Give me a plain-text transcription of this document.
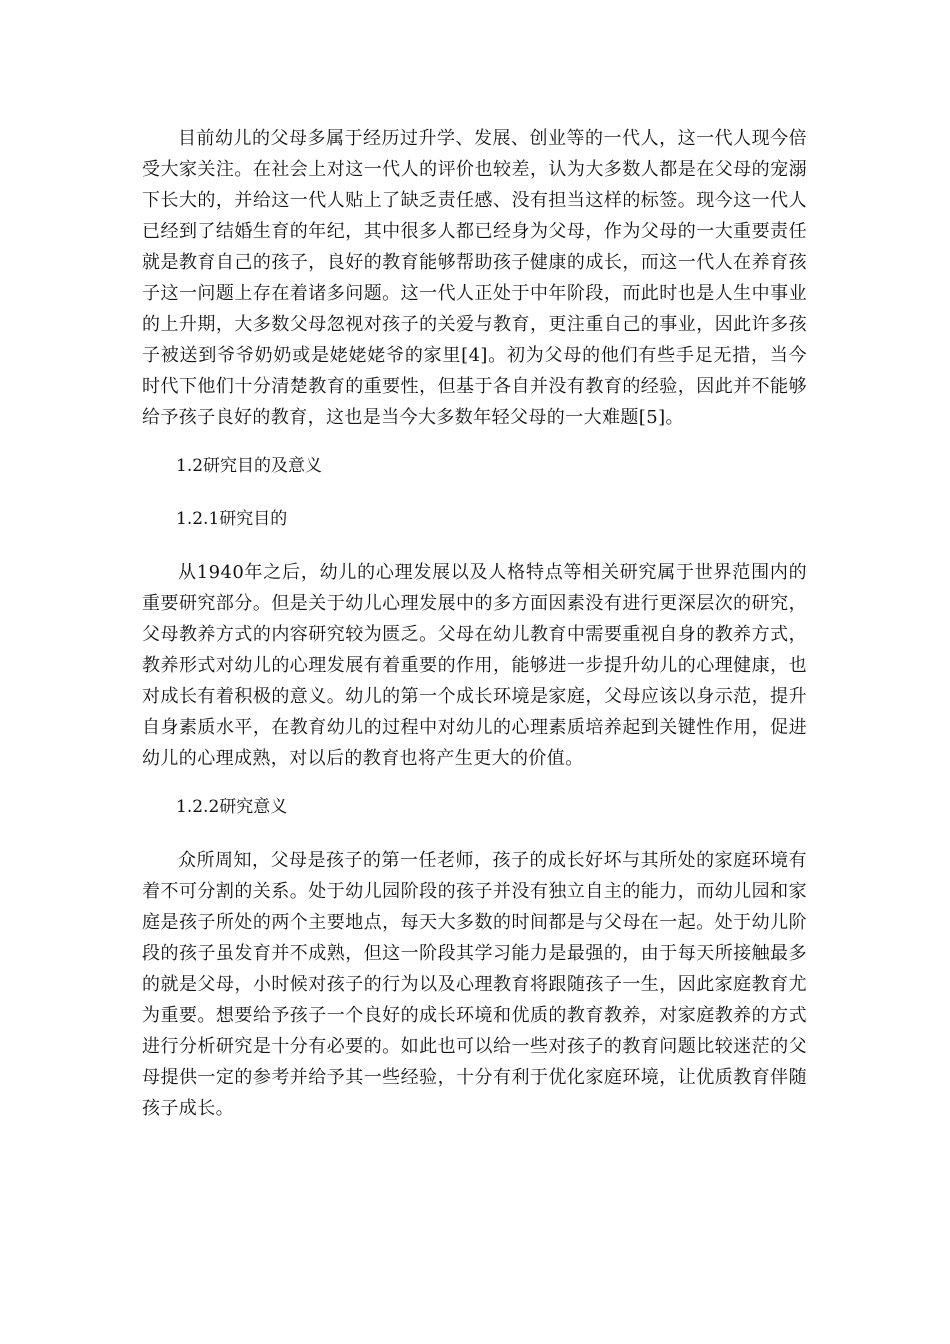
目前幼儿的父母多属于经历过升学、发展、创业等的一代人，这一代人现今倍受大家关注。在社会上对这一代人的评价也较差，认为大多数人都是在父母的宠溺下长大的，并给这一代人贴上了缺乏责任感、没有担当这样的标签。现今这一代人已经到了结婚生育的年纪，其中很多人都已经身为父母，作为父母的一大重要责任就是教育自己的孩子，良好的教育能够帮助孩子健康的成长，而这一代人在养育孩子这一问题上存在着诸多问题。这一代人正处于中年阶段，而此时也是人生中事业的上升期，大多数父母忽视对孩子的关爱与教育，更注重自己的事业，因此许多孩子被送到爷爷奶奶或是姥姥姥爷的家里[4]。初为父母的他们有些手足无措，当今时代下他们十分清楚教育的重要性，但基于各自并没有教育的经验，因此并不能够给予孩子良好的教育，这也是当今大多数年轻父母的一大难题[5]。

1.2研究目的及意义
1.2.1研究目的

从1940年之后，幼儿的心理发展以及人格特点等相关研究属于世界范围内的重要研究部分。但是关于幼儿心理发展中的多方面因素没有进行更深层次的研究，父母教养方式的内容研究较为匮乏。父母在幼儿教育中需要重视自身的教养方式，教养形式对幼儿的心理发展有着重要的作用，能够进一步提升幼儿的心理健康，也对成长有着积极的意义。幼儿的第一个成长环境是家庭，父母应该以身示范，提升自身素质水平，在教育幼儿的过程中对幼儿的心理素质培养起到关键性作用，促进幼儿的心理成熟，对以后的教育也将产生更大的价值。

1.2.2研究意义

众所周知，父母是孩子的第一任老师，孩子的成长好坏与其所处的家庭环境有着不可分割的关系。处于幼儿园阶段的孩子并没有独立自主的能力，而幼儿园和家庭是孩子所处的两个主要地点，每天大多数的时间都是与父母在一起。处于幼儿阶段的孩子虽发育并不成熟，但这一阶段其学习能力是最强的，由于每天所接触最多的就是父母，小时候对孩子的行为以及心理教育将跟随孩子一生，因此家庭教育尤为重要。想要给予孩子一个良好的成长环境和优质的教育教养，对家庭教养的方式进行分析研究是十分有必要的。如此也可以给一些对孩子的教育问题比较迷茫的父母提供一定的参考并给予其一些经验，十分有利于优化家庭环境，让优质教育伴随孩子成长。
